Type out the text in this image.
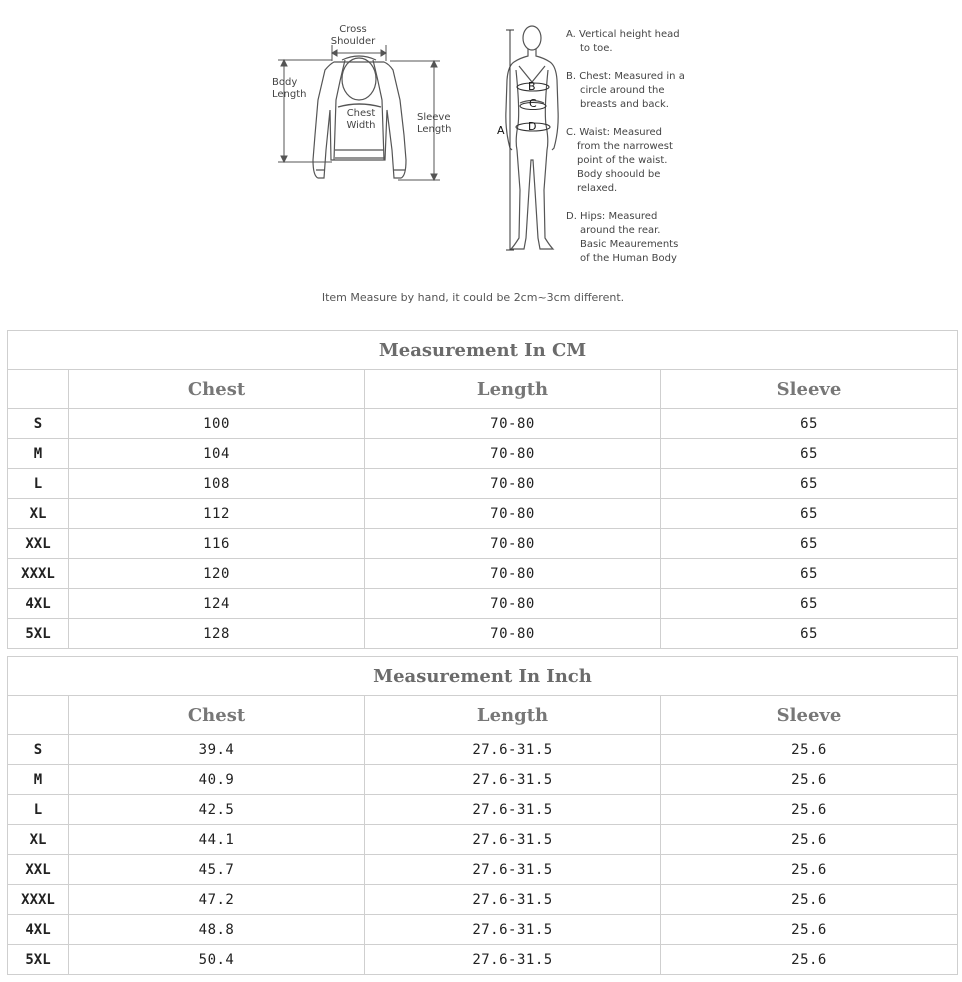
Cross
Shoulder
Body
Length
Chest
Width
Sleeve
Length	A
B
C
D
A. Vertical height head
to toe.
B. Chest: Measured in a
circle around the
breasts and back.
C. Waist: Measured
from the narrowest
point of the waist.
Body shoould be
relaxed.
D. Hips: Measured
around the rear.
Basic Meaurements
of the Human Body
Item Measure by hand, it could be 2cm~3cm different.
Measurement In CM			
	Chest	Length	Sleeve
S	100	70-80	65
M	104	70-80	65
L	108	70-80	65
XL	112	70-80	65
XXL	116	70-80	65
XXXL	120	70-80	65
4XL	124	70-80	65
5XL	128	70-80	65
Measurement In Inch			
	Chest	Length	Sleeve
S	39.4	27.6-31.5	25.6
M	40.9	27.6-31.5	25.6
L	42.5	27.6-31.5	25.6
XL	44.1	27.6-31.5	25.6
XXL	45.7	27.6-31.5	25.6
XXXL	47.2	27.6-31.5	25.6
4XL	48.8	27.6-31.5	25.6
5XL	50.4	27.6-31.5	25.6
